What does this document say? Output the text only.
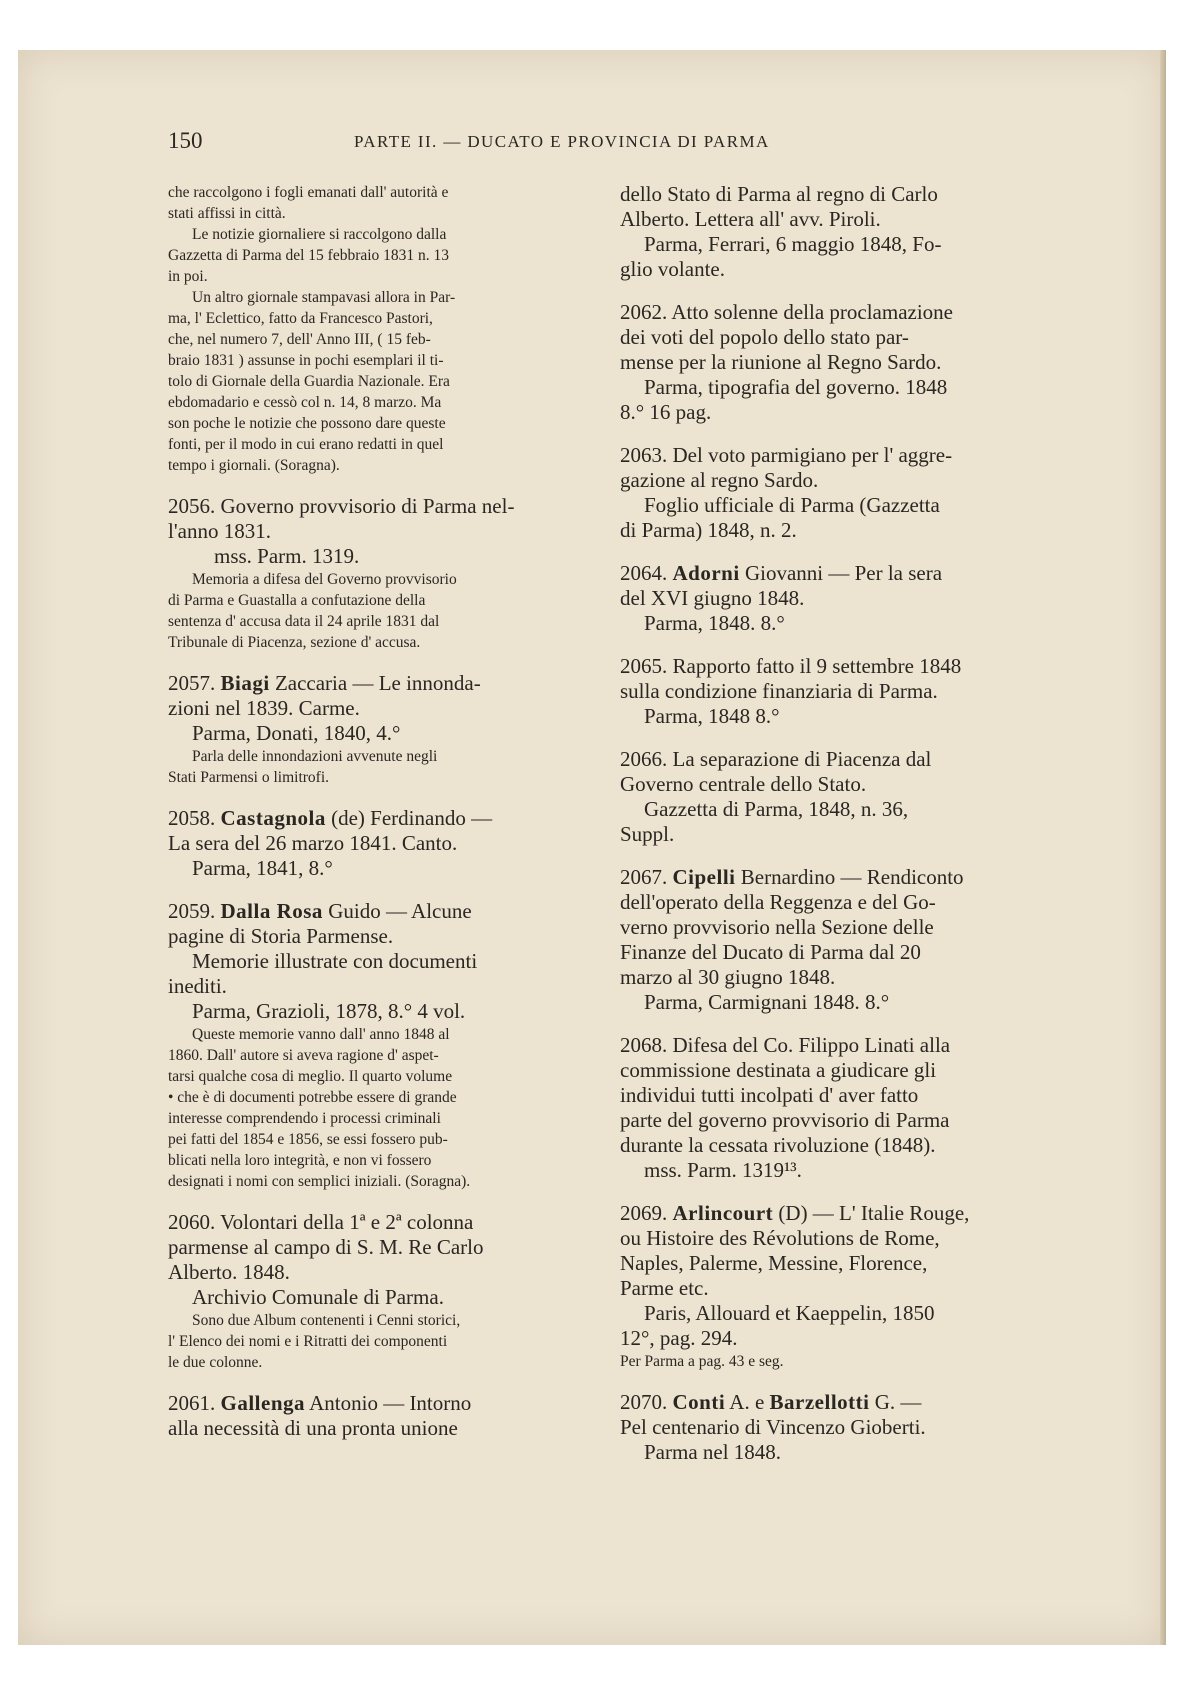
150	PARTE II. — DUCATO E PROVINCIA DI PARMA
che raccolgono i fogli emanati dall' autorità e
stati affissi in città.
Le notizie giornaliere si raccolgono dalla
Gazzetta di Parma del 15 febbraio 1831 n. 13
in poi.
Un altro giornale stampavasi allora in Par-
ma, l' Eclettico, fatto da Francesco Pastori,
che, nel numero 7, dell' Anno III, ( 15 feb-
braio 1831 ) assunse in pochi esemplari il ti-
tolo di Giornale della Guardia Nazionale. Era
ebdomadario e cessò col n. 14, 8 marzo. Ma
son poche le notizie che possono dare queste
fonti, per il modo in cui erano redatti in quel
tempo i giornali. (Soragna).
2056. Governo provvisorio di Parma nel-
l'anno 1831.
mss. Parm. 1319.
Memoria a difesa del Governo provvisorio
di Parma e Guastalla a confutazione della
sentenza d' accusa data il 24 aprile 1831 dal
Tribunale di Piacenza, sezione d' accusa.
2057. Biagi Zaccaria — Le innonda-
zioni nel 1839. Carme.
Parma, Donati, 1840, 4.°
Parla delle innondazioni avvenute negli
Stati Parmensi o limitrofi.
2058. Castagnola (de) Ferdinando —
La sera del 26 marzo 1841. Canto.
Parma, 1841, 8.°
2059. Dalla Rosa Guido — Alcune
pagine di Storia Parmense.
Memorie illustrate con documenti
inediti.
Parma, Grazioli, 1878, 8.° 4 vol.
Queste memorie vanno dall' anno 1848 al
1860. Dall' autore si aveva ragione d' aspet-
tarsi qualche cosa di meglio. Il quarto volume
• che è di documenti potrebbe essere di grande
interesse comprendendo i processi criminali
pei fatti del 1854 e 1856, se essi fossero pub-
blicati nella loro integrità, e non vi fossero
designati i nomi con semplici iniziali. (Soragna).
2060. Volontari della 1ª e 2ª colonna
parmense al campo di S. M. Re Carlo
Alberto. 1848.
Archivio Comunale di Parma.
Sono due Album contenenti i Cenni storici,
l' Elenco dei nomi e i Ritratti dei componenti
le due colonne.
2061. Gallenga Antonio — Intorno
alla necessità di una pronta unione
dello Stato di Parma al regno di Carlo
Alberto. Lettera all' avv. Piroli.
Parma, Ferrari, 6 maggio 1848, Fo-
glio volante.
2062. Atto solenne della proclamazione
dei voti del popolo dello stato par-
mense per la riunione al Regno Sardo.
Parma, tipografia del governo. 1848
8.° 16 pag.
2063. Del voto parmigiano per l' aggre-
gazione al regno Sardo.
Foglio ufficiale di Parma (Gazzetta
di Parma) 1848, n. 2.
2064. Adorni Giovanni — Per la sera
del XVI giugno 1848.
Parma, 1848. 8.°
2065. Rapporto fatto il 9 settembre 1848
sulla condizione finanziaria di Parma.
Parma, 1848 8.°
2066. La separazione di Piacenza dal
Governo centrale dello Stato.
Gazzetta di Parma, 1848, n. 36,
Suppl.
2067. Cipelli Bernardino — Rendiconto
dell'operato della Reggenza e del Go-
verno provvisorio nella Sezione delle
Finanze del Ducato di Parma dal 20
marzo al 30 giugno 1848.
Parma, Carmignani 1848. 8.°
2068. Difesa del Co. Filippo Linati alla
commissione destinata a giudicare gli
individui tutti incolpati d' aver fatto
parte del governo provvisorio di Parma
durante la cessata rivoluzione (1848).
mss. Parm. 1319¹³.
2069. Arlincourt (D) — L' Italie Rouge,
ou Histoire des Révolutions de Rome,
Naples, Palerme, Messine, Florence,
Parme etc.
Paris, Allouard et Kaeppelin, 1850
12°, pag. 294.
Per Parma a pag. 43 e seg.
2070. Conti A. e Barzellotti G. —
Pel centenario di Vincenzo Gioberti.
Parma nel 1848.
